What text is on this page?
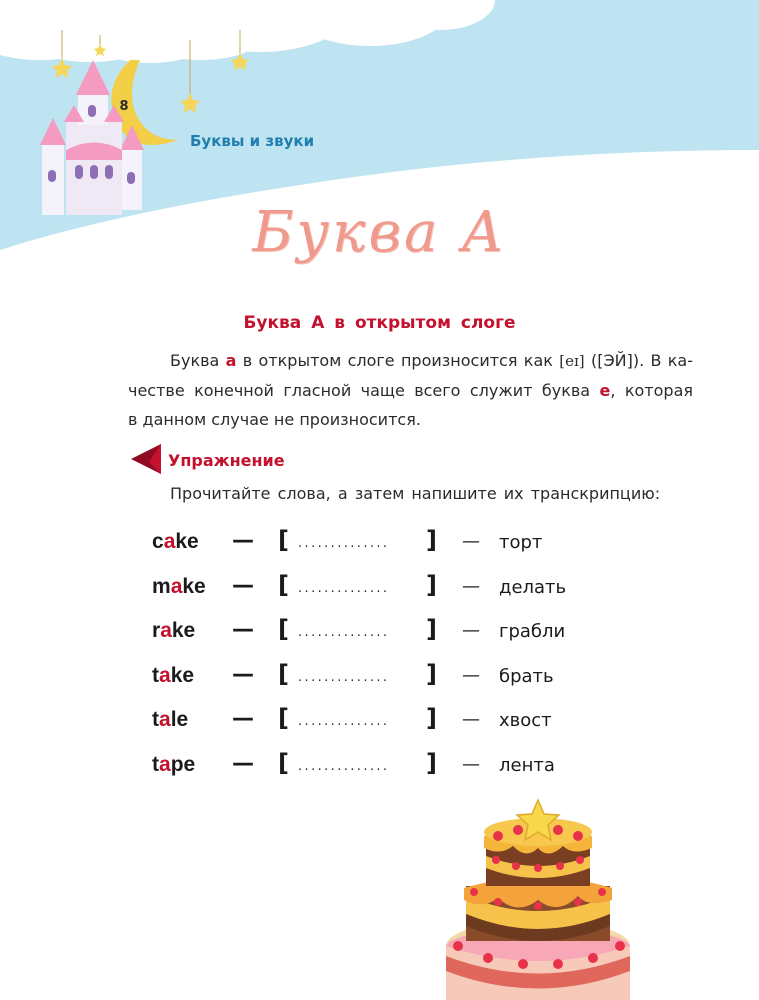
8
Буквы и звуки
Буква А
Буква А в открытом слоге
Буква а в открытом слоге произносится как [eɪ] ([ЭЙ]). В ка-
честве конечной гласной чаще всего служит буква е, которая
в данном случае не произносится.
Упражнение
Прочитайте слова, а затем напишите их транскрипцию:
cake — [ ..............	] — торт
make — [ ..............	] — делать
rake — [ ..............	] — грабли
take — [ ..............	] — брать
tale — [ ..............	] — хвост
tape — [ ..............	] — лента
